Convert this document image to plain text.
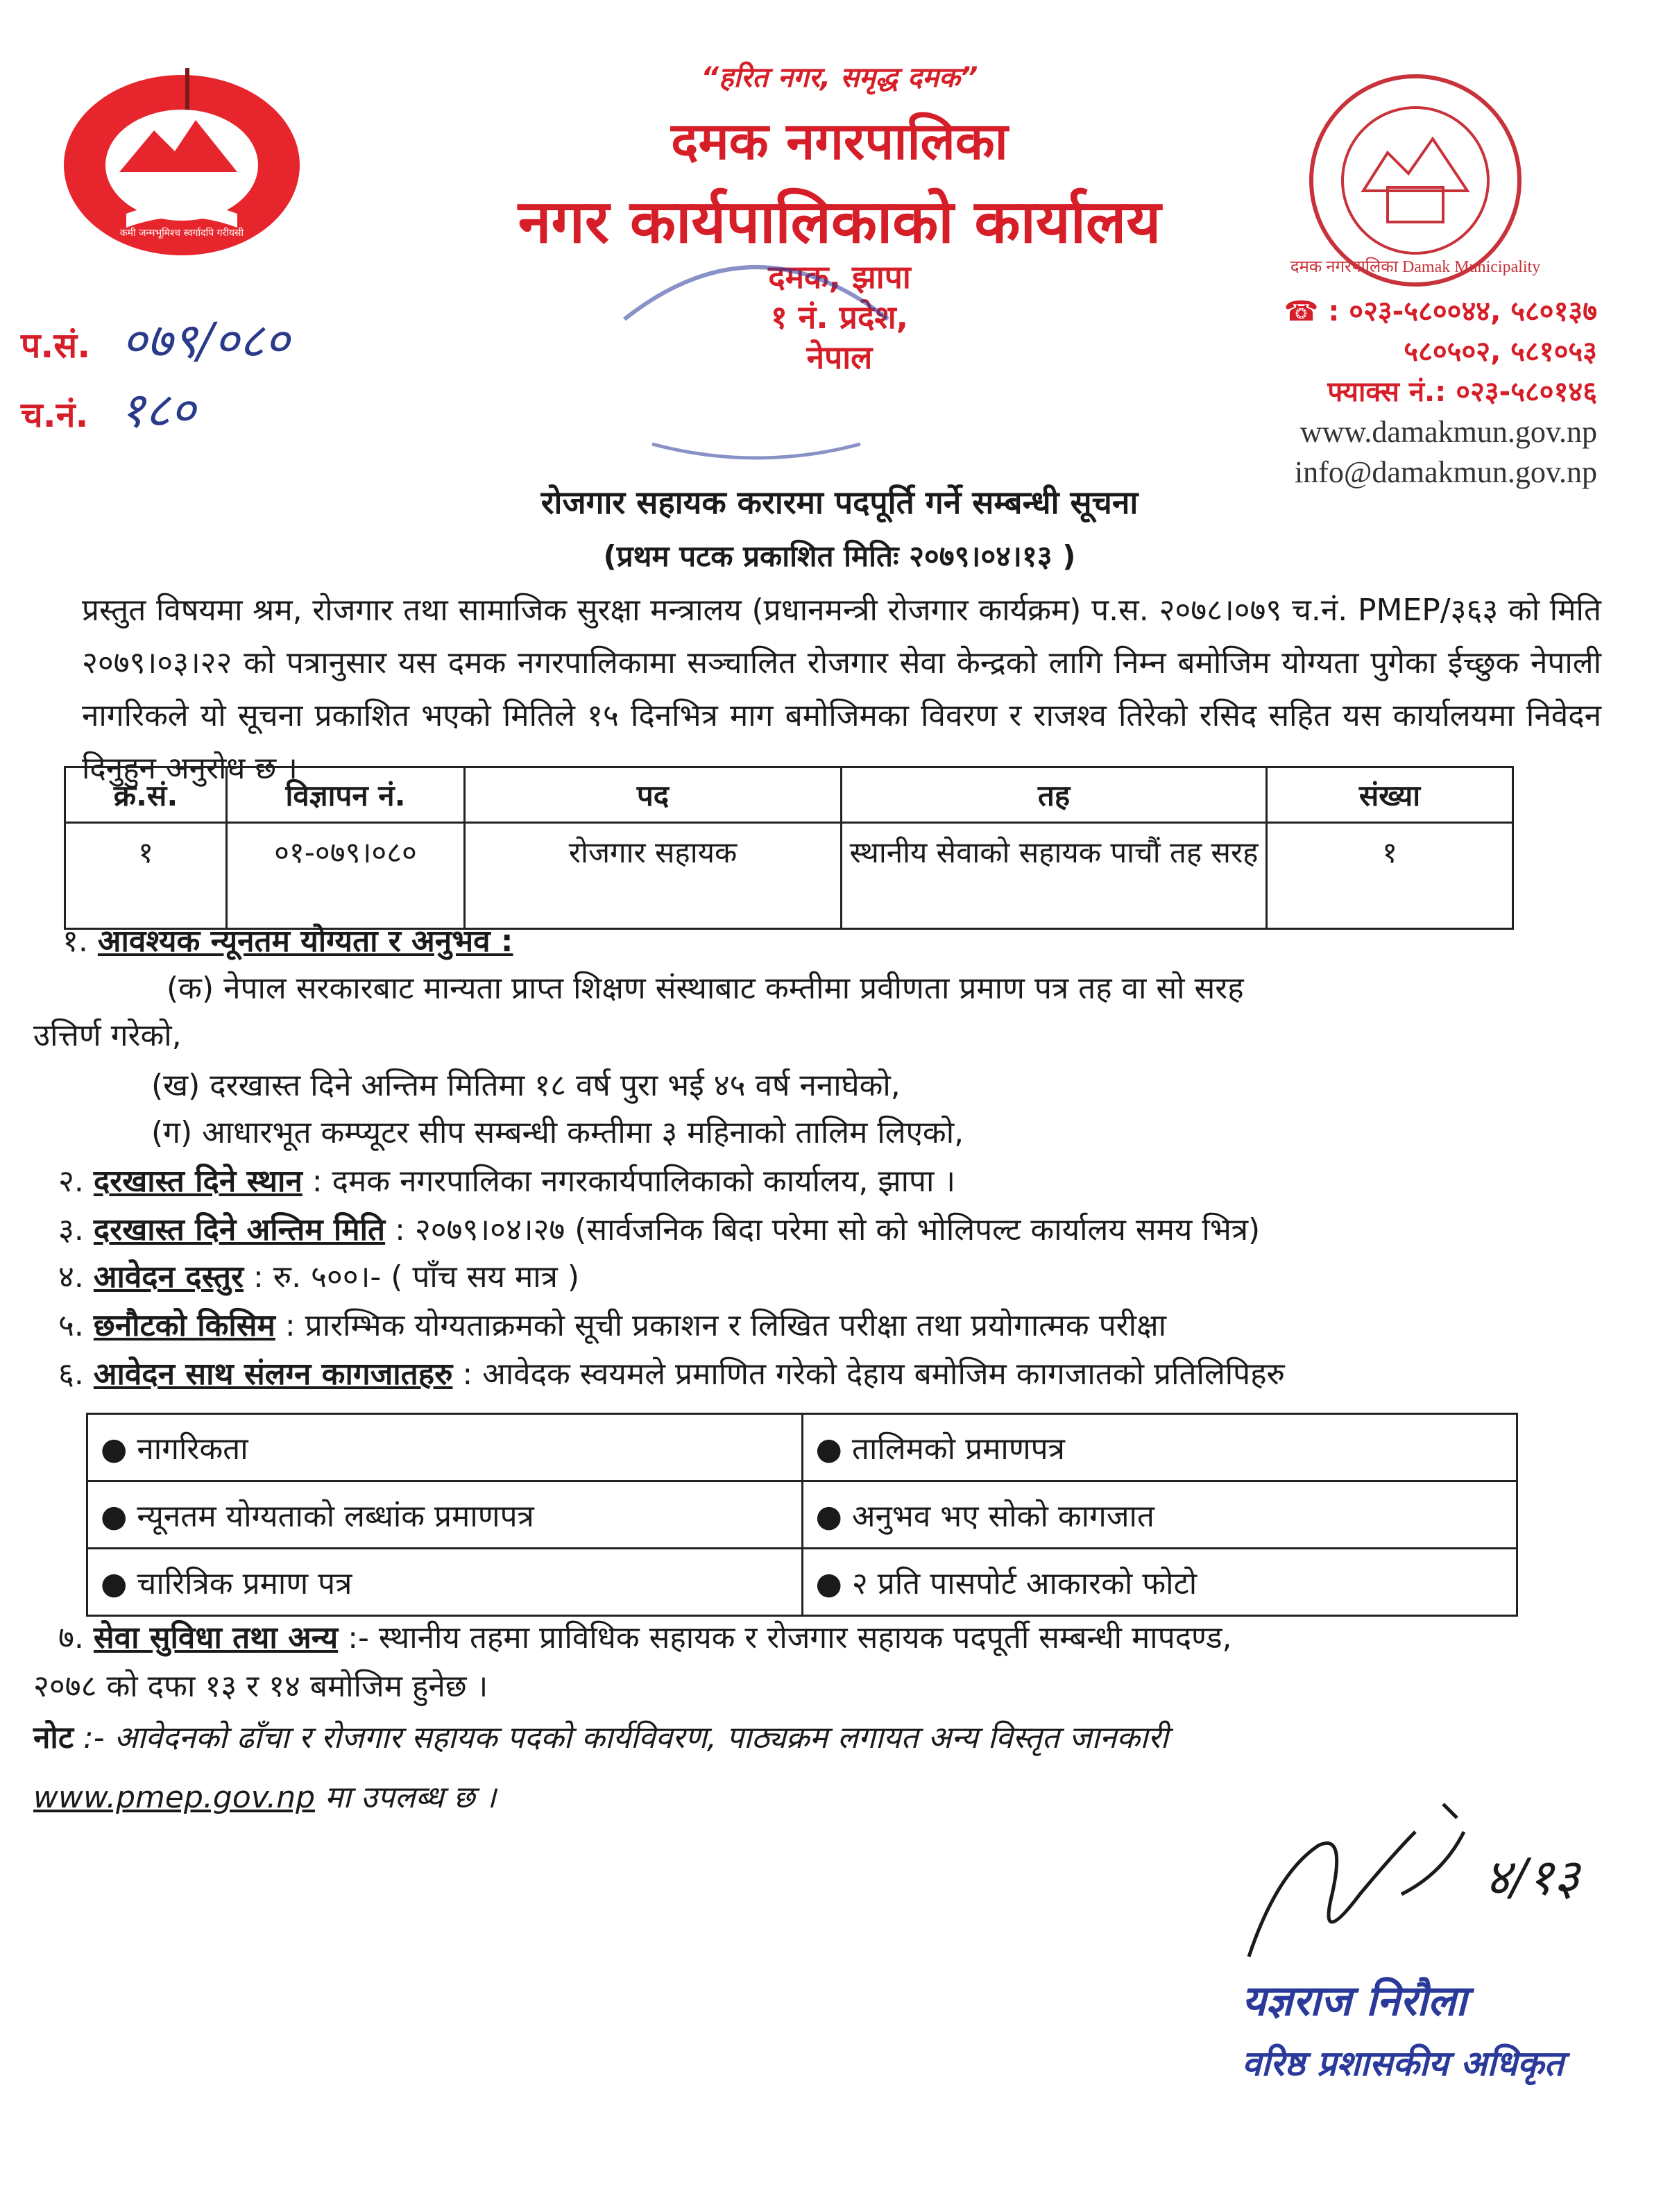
कमी जन्मभूमिश्च स्वर्गादपि गरीयसी
“हरित नगर, समृद्ध दमक”
दमक नगरपालिका
नगर कार्यपालिकाको कार्यालय
दमक, झापा
१ नं. प्रदेश, नेपाल
दमक नगरपालिका Damak Municipality
प.सं. ०७९/०८०
च.नं. १८०
☎ : ०२३-५८००४४, ५८०१३७
५८०५०२, ५८१०५३
फ्याक्स नं.: ०२३-५८०१४६
www.damakmun.gov.np
info@damakmun.gov.np
रोजगार सहायक करारमा पदपूर्ति गर्ने सम्बन्धी सूचना
(प्रथम पटक प्रकाशित मितिः २०७९।०४।१३ )
प्रस्तुत विषयमा श्रम, रोजगार तथा सामाजिक सुरक्षा मन्त्रालय (प्रधानमन्त्री रोजगार कार्यक्रम) प.स. २०७८।०७९ च.नं. PMEP/३६३ को मिति २०७९।०३।२२ को पत्रानुसार यस दमक नगरपालिकामा सञ्चालित रोजगार सेवा केन्द्रको लागि निम्न बमोजिम योग्यता पुगेका ईच्छुक नेपाली नागरिकले यो सूचना प्रकाशित भएको मितिले १५ दिनभित्र माग बमोजिमका विवरण र राजश्व तिरेको रसिद सहित यस कार्यालयमा निवेदन दिनुहुन अनुरोध छ ।
क्र.सं.	विज्ञापन नं.	पद	तह	संख्या
१	०१-०७९।०८०	रोजगार सहायक	स्थानीय सेवाको सहायक पाचौं तह सरह	१
१. आवश्यक न्यूनतम योग्यता र अनुभव :
(क) नेपाल सरकारबाट मान्यता प्राप्त शिक्षण संस्थाबाट कम्तीमा प्रवीणता प्रमाण पत्र तह वा सो सरह
उत्तिर्ण गरेको,
(ख) दरखास्त दिने अन्तिम मितिमा १८ वर्ष पुरा भई ४५ वर्ष ननाघेको,
(ग) आधारभूत कम्प्यूटर सीप सम्बन्धी कम्तीमा ३ महिनाको तालिम लिएको,
२. दरखास्त दिने स्थान : दमक नगरपालिका नगरकार्यपालिकाको कार्यालय, झापा ।
३. दरखास्त दिने अन्तिम मिति : २०७९।०४।२७ (सार्वजनिक बिदा परेमा सो को भोलिपल्ट कार्यालय समय भित्र)
४. आवेदन दस्तुर : रु. ५००।- ( पाँच सय मात्र )
५. छनौटको किसिम : प्रारम्भिक योग्यताक्रमको सूची प्रकाशन र लिखित परीक्षा तथा प्रयोगात्मक परीक्षा
६. आवेदन साथ संलग्न कागजातहरु : आवेदक स्वयमले प्रमाणित गरेको देहाय बमोजिम कागजातको प्रतिलिपिहरु
● नागरिकता	● तालिमको प्रमाणपत्र
● न्यूनतम योग्यताको लब्धांक प्रमाणपत्र	● अनुभव भए सोको कागजात
● चारित्रिक प्रमाण पत्र	● २ प्रति पासपोर्ट आकारको फोटो
७. सेवा सुविधा तथा अन्य :- स्थानीय तहमा प्राविधिक सहायक र रोजगार सहायक पदपूर्ती सम्बन्धी मापदण्ड,
२०७८ को दफा १३ र १४ बमोजिम हुनेछ ।
नोट :- आवेदनको ढाँचा र रोजगार सहायक पदको कार्यविवरण, पाठ्यक्रम लगायत अन्य विस्तृत जानकारी
www.pmep.gov.np मा उपलब्ध छ ।
४/१३
यज्ञराज निरौला
वरिष्ठ प्रशासकीय अधिकृत
